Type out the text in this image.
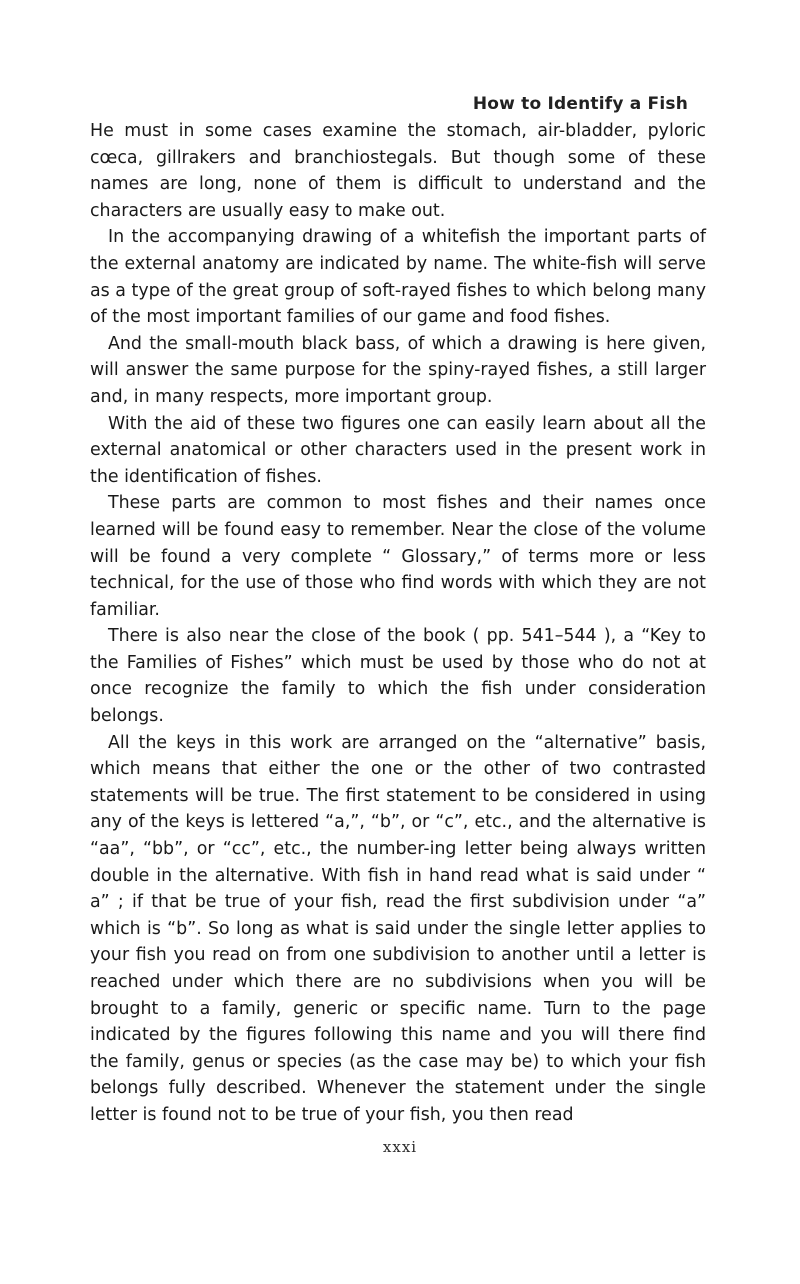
How to Identify a Fish

He must in some cases examine the stomach, air-bladder, pyloric cœca, gillrakers and branchiostegals. But though some of these names are long, none of them is difficult to understand and the characters are usually easy to make out.

In the accompanying drawing of a whitefish the important parts of the external anatomy are indicated by name. The white-fish will serve as a type of the great group of soft-rayed fishes to which belong many of the most important families of our game and food fishes.

And the small-mouth black bass, of which a drawing is here given, will answer the same purpose for the spiny-rayed fishes, a still larger and, in many respects, more important group.

With the aid of these two figures one can easily learn about all the external anatomical or other characters used in the present work in the identification of fishes.

These parts are common to most fishes and their names once learned will be found easy to remember. Near the close of the volume will be found a very complete “ Glossary,” of terms more or less technical, for the use of those who find words with which they are not familiar.

There is also near the close of the book ( pp. 541–544 ), a “Key to the Families of Fishes” which must be used by those who do not at once recognize the family to which the fish under consideration belongs.

All the keys in this work are arranged on the “alternative” basis, which means that either the one or the other of two contrasted statements will be true. The first statement to be considered in using any of the keys is lettered “a,”, “b”, or “c”, etc., and the alternative is “aa”, “bb”, or “cc”, etc., the number-ing letter being always written double in the alternative. With fish in hand read what is said under “ a” ; if that be true of your fish, read the first subdivision under “a” which is “b”. So long as what is said under the single letter applies to your fish you read on from one subdivision to another until a letter is reached under which there are no subdivisions when you will be brought to a family, generic or specific name. Turn to the page indicated by the figures following this name and you will there find the family, genus or species (as the case may be) to which your fish belongs fully described. Whenever the statement under the single letter is found not to be true of your fish, you then read

xxxi
